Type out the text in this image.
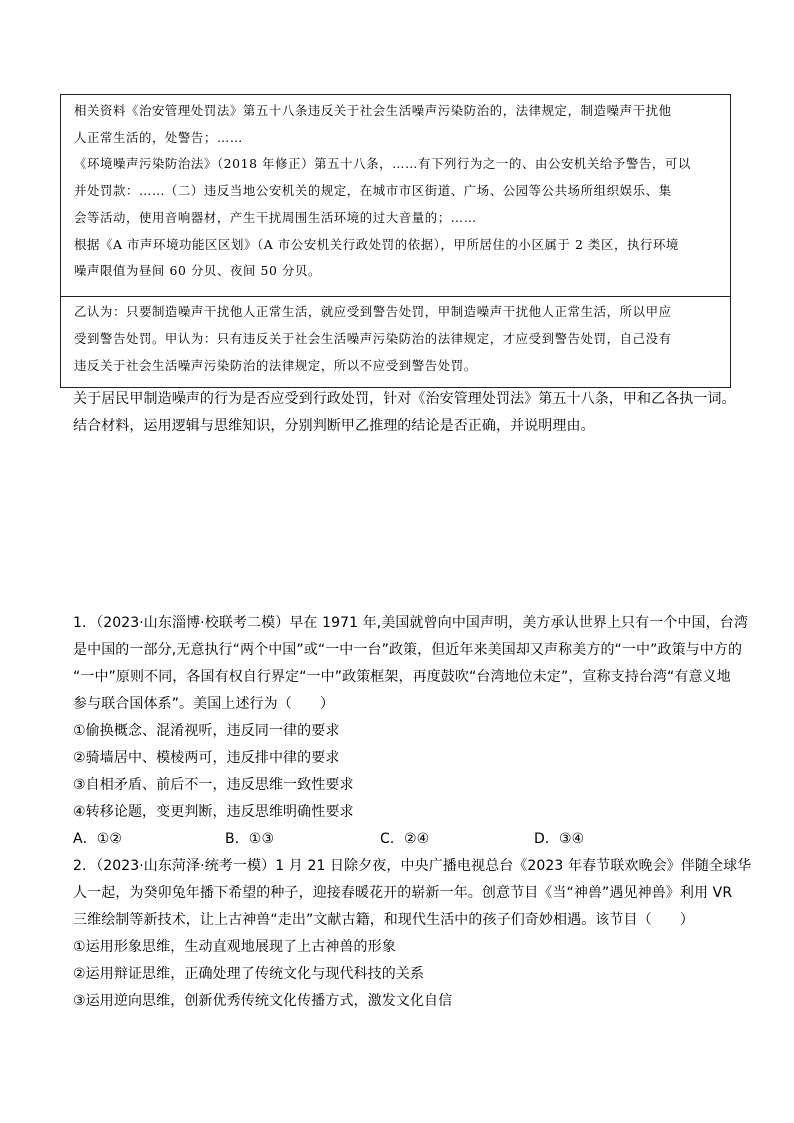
相关资料《治安管理处罚法》第五十八条违反关于社会生活噪声污染防治的，法律规定，制造噪声干扰他
人正常生活的，处警告；……
《环境噪声污染防治法》（2018 年修正）第五十八条，……有下列行为之一的、由公安机关给予警告，可以
并处罚款：……（二）违反当地公安机关的规定，在城市市区街道、广场、公园等公共场所组织娱乐、集
会等活动，使用音响器材，产生干扰周围生活环境的过大音量的；……
根据《A 市声环境功能区区划》（A 市公安机关行政处罚的依据），甲所居住的小区属于 2 类区，执行环境
噪声限值为昼间 60 分贝、夜间 50 分贝。
乙认为：只要制造噪声干扰他人正常生活，就应受到警告处罚，甲制造噪声干扰他人正常生活，所以甲应
受到警告处罚。甲认为：只有违反关于社会生活噪声污染防治的法律规定，才应受到警告处罚，自己没有
违反关于社会生活噪声污染防治的法律规定，所以不应受到警告处罚。
关于居民甲制造噪声的行为是否应受到行政处罚，针对《治安管理处罚法》第五十八条，甲和乙各执一词。
结合材料，运用逻辑与思维知识，分别判断甲乙推理的结论是否正确，并说明理由。
1．（2023·山东淄博·校联考二模）早在 1971 年,美国就曾向中国声明，美方承认世界上只有一个中国，台湾
是中国的一部分,无意执行“两个中国”或“一中一台”政策，但近年来美国却又声称美方的“一中”政策与中方的
“一中”原则不同，各国有权自行界定“一中”政策框架，再度鼓吹“台湾地位未定”，宣称支持台湾“有意义地
参与联合国体系”。美国上述行为（　　）
①偷换概念、混淆视听，违反同一律的要求
②骑墙居中、模棱两可，违反排中律的要求
③自相矛盾、前后不一，违反思维一致性要求
④转移论题，变更判断，违反思维明确性要求
A．①②	B．①③	C．②④	D．③④
2．（2023·山东菏泽·统考一模）1 月 21 日除夕夜，中央广播电视总台《2023 年春节联欢晚会》伴随全球华
人一起，为癸卯兔年播下希望的种子，迎接春暖花开的崭新一年。创意节目《当“神兽”遇见神兽》利用 VR
三维绘制等新技术，让上古神兽“走出”文献古籍，和现代生活中的孩子们奇妙相遇。该节目（　　）
①运用形象思维，生动直观地展现了上古神兽的形象
②运用辩证思维，正确处理了传统文化与现代科技的关系
③运用逆向思维，创新优秀传统文化传播方式，激发文化自信
